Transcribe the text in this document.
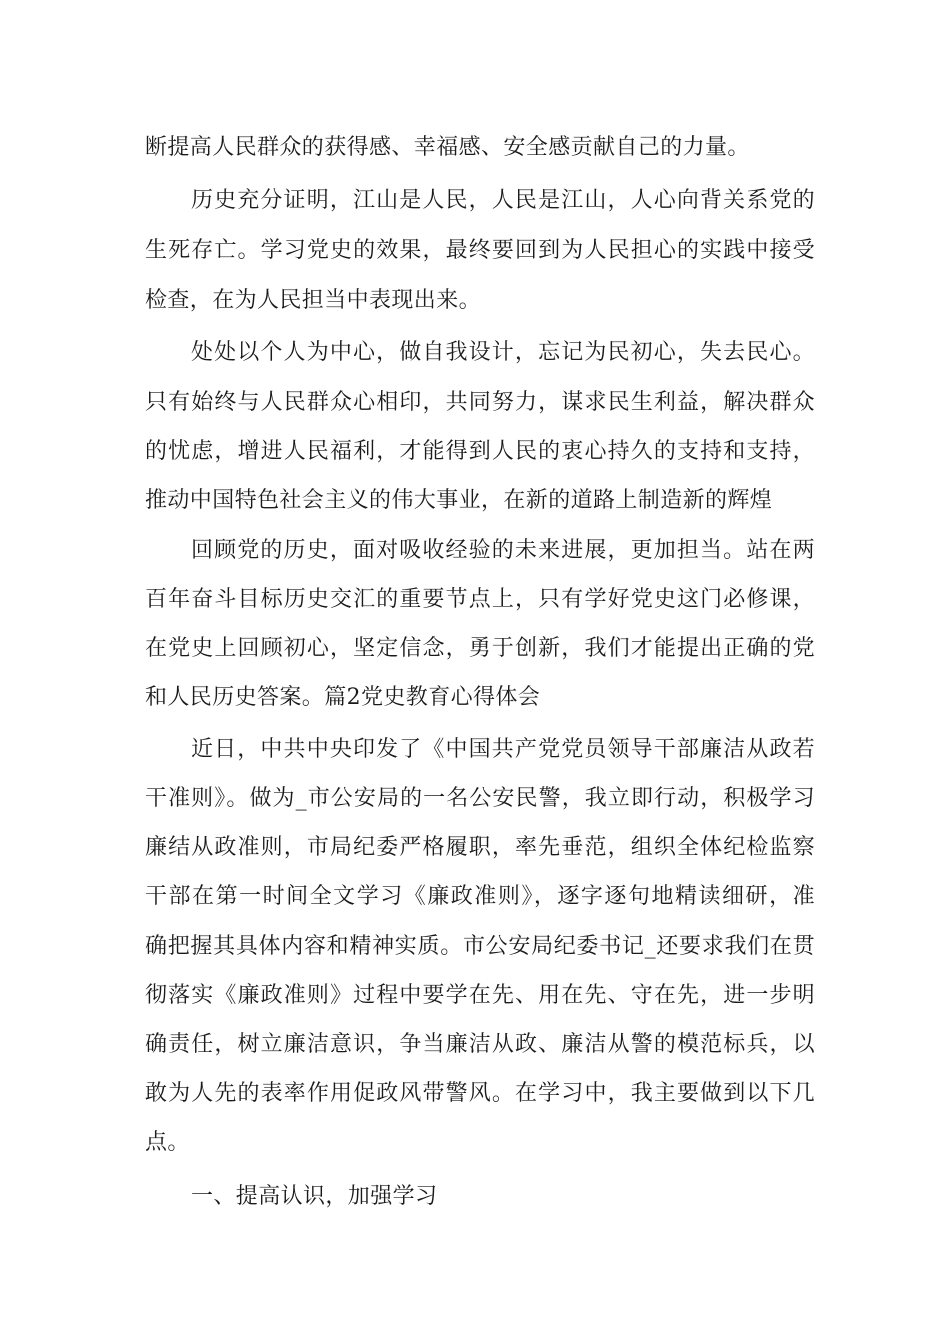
断提高人民群众的获得感、幸福感、安全感贡献自己的力量。
历史充分证明，江山是人民，人民是江山，人心向背关系党的
生死存亡。学习党史的效果，最终要回到为人民担心的实践中接受
检查，在为人民担当中表现出来。
处处以个人为中心，做自我设计，忘记为民初心，失去民心。
只有始终与人民群众心相印，共同努力，谋求民生利益，解决群众
的忧虑，增进人民福利，才能得到人民的衷心持久的支持和支持，
推动中国特色社会主义的伟大事业，在新的道路上制造新的辉煌
回顾党的历史，面对吸收经验的未来进展，更加担当。站在两
百年奋斗目标历史交汇的重要节点上，只有学好党史这门必修课，
在党史上回顾初心，坚定信念，勇于创新，我们才能提出正确的党
和人民历史答案。篇2党史教育心得体会
近日，中共中央印发了《中国共产党党员领导干部廉洁从政若
干准则》。做为_市公安局的一名公安民警，我立即行动，积极学习
廉结从政准则，市局纪委严格履职，率先垂范，组织全体纪检监察
干部在第一时间全文学习《廉政准则》，逐字逐句地精读细研，准
确把握其具体内容和精神实质。市公安局纪委书记_还要求我们在贯
彻落实《廉政准则》过程中要学在先、用在先、守在先，进一步明
确责任，树立廉洁意识，争当廉洁从政、廉洁从警的模范标兵，以
敢为人先的表率作用促政风带警风。在学习中，我主要做到以下几
点。
一、提高认识，加强学习
